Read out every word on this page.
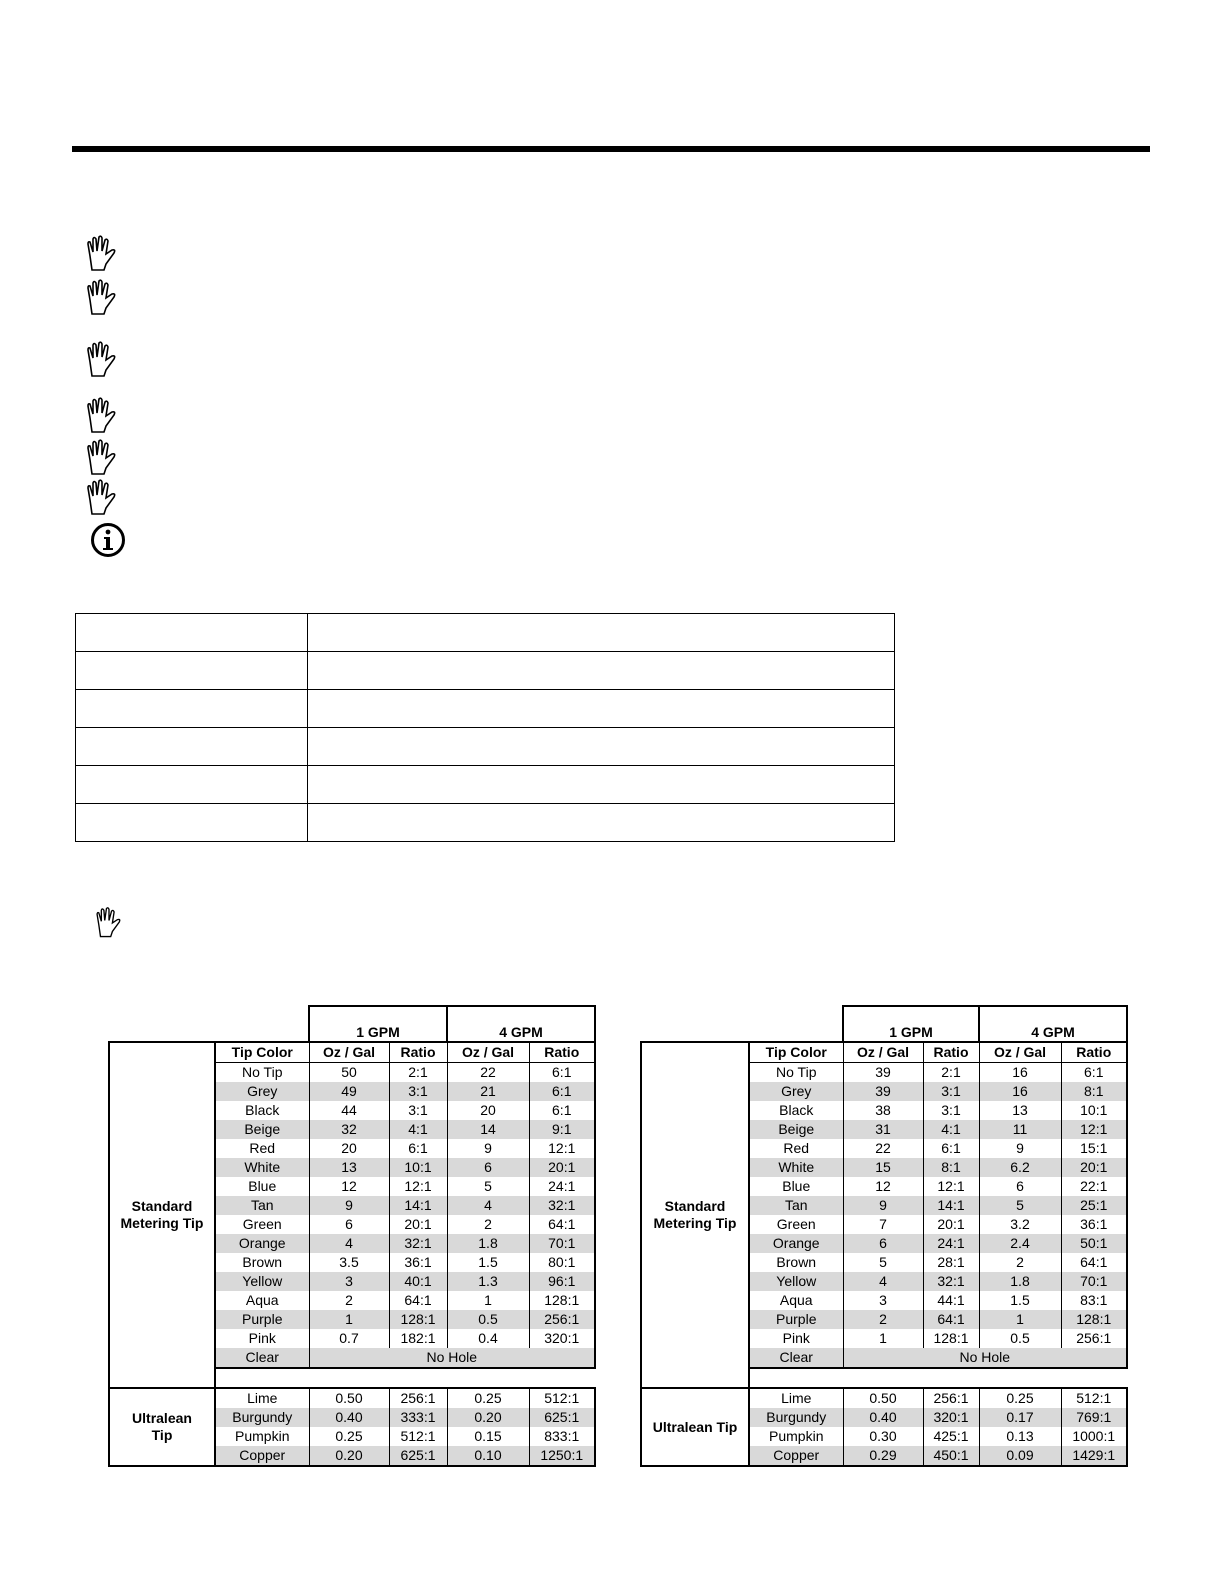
		1 GPM		4 GPM	

Standard
Metering Tip	Tip Color	Oz / Gal	Ratio	Oz / Gal	Ratio
	No Tip	50	2:1	22	6:1
	Grey	49	3:1	21	6:1
	Black	44	3:1	20	6:1
	Beige	32	4:1	14	9:1
	Red	20	6:1	9	12:1
	White	13	10:1	6	20:1
	Blue	12	12:1	5	24:1
	Tan	9	14:1	4	32:1
	Green	6	20:1	2	64:1
	Orange	4	32:1	1.8	70:1
	Brown	3.5	36:1	1.5	80:1
	Yellow	3	40:1	1.3	96:1
	Aqua	2	64:1	1	128:1
	Purple	1	128:1	0.5	256:1
	Pink	0.7	182:1	0.4	320:1
	Clear	No Hole			

Ultralean
Tip	Lime	0.50	256:1	0.25	512:1
	Burgundy	0.40	333:1	0.20	625:1
	Pumpkin	0.25	512:1	0.15	833:1
	Copper	0.20	625:1	0.10	1250:1
		1 GPM		4 GPM	

Standard
Metering Tip	Tip Color	Oz / Gal	Ratio	Oz / Gal	Ratio
	No Tip	39	2:1	16	6:1
	Grey	39	3:1	16	8:1
	Black	38	3:1	13	10:1
	Beige	31	4:1	11	12:1
	Red	22	6:1	9	15:1
	White	15	8:1	6.2	20:1
	Blue	12	12:1	6	22:1
	Tan	9	14:1	5	25:1
	Green	7	20:1	3.2	36:1
	Orange	6	24:1	2.4	50:1
	Brown	5	28:1	2	64:1
	Yellow	4	32:1	1.8	70:1
	Aqua	3	44:1	1.5	83:1
	Purple	2	64:1	1	128:1
	Pink	1	128:1	0.5	256:1
	Clear	No Hole			

Ultralean Tip	Lime	0.50	256:1	0.25	512:1
	Burgundy	0.40	320:1	0.17	769:1
	Pumpkin	0.30	425:1	0.13	1000:1
	Copper	0.29	450:1	0.09	1429:1
